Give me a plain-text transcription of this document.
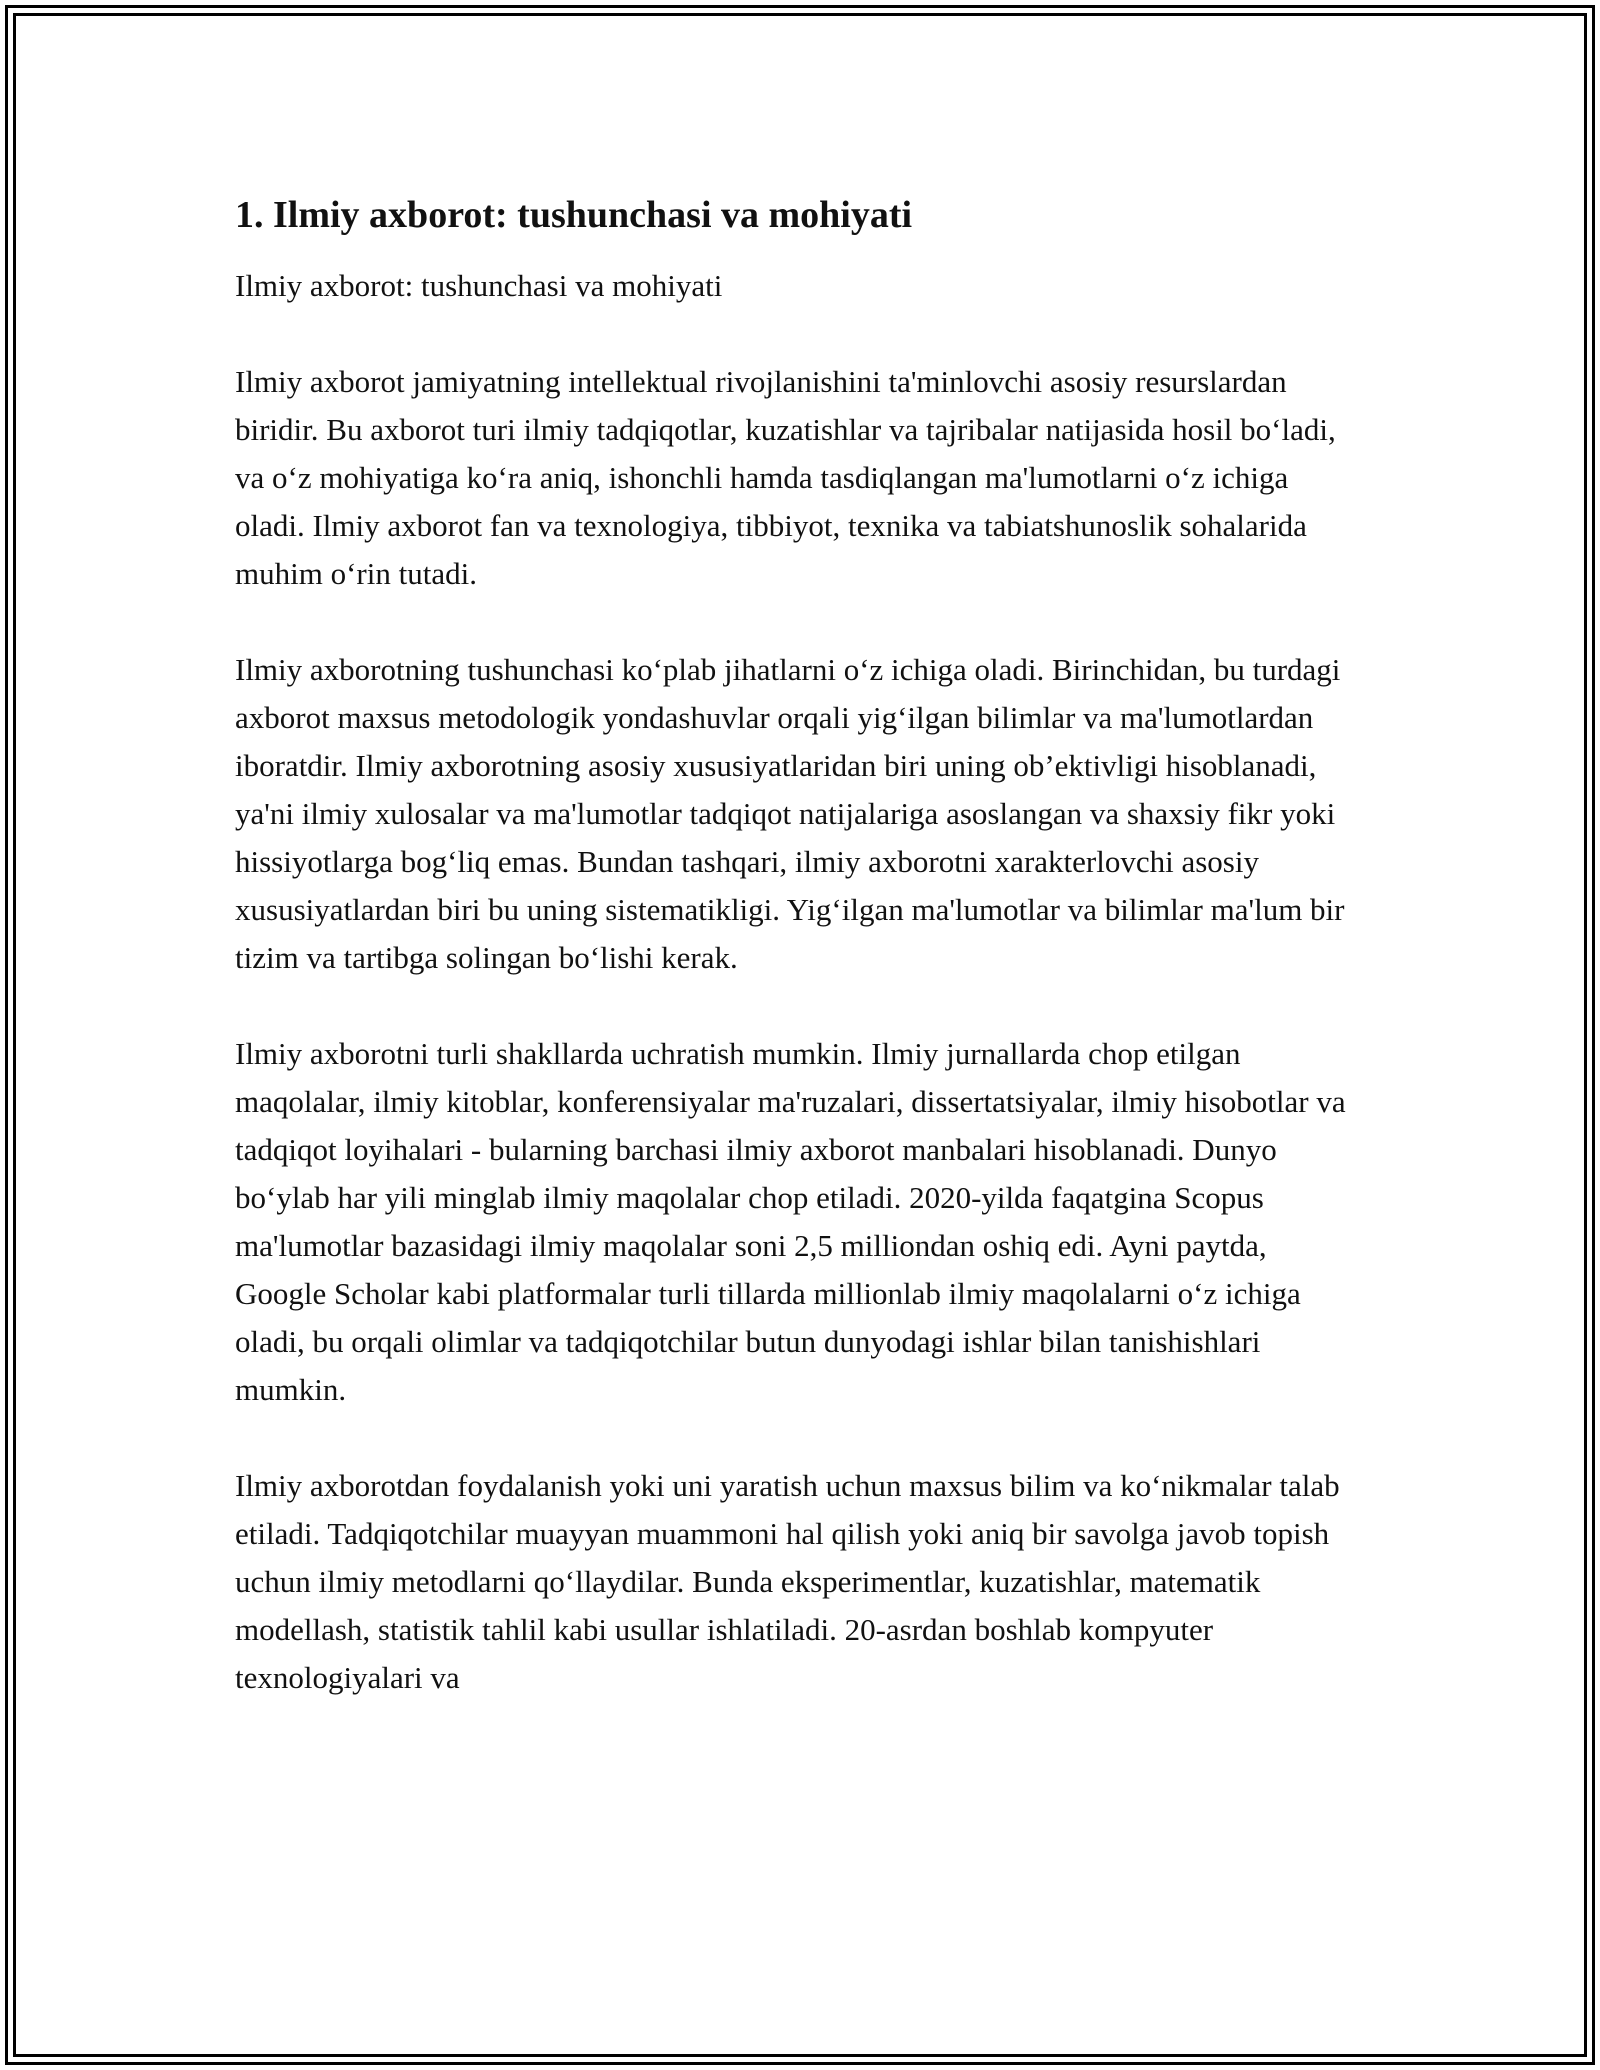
1. Ilmiy axborot: tushunchasi va mohiyati

Ilmiy axborot: tushunchasi va mohiyati

Ilmiy axborot jamiyatning intellektual rivojlanishini ta'minlovchi asosiy resurslardan biridir. Bu axborot turi ilmiy tadqiqotlar, kuzatishlar va tajribalar natijasida hosil bo‘ladi, va o‘z mohiyatiga ko‘ra aniq, ishonchli hamda tasdiqlangan ma'lumotlarni o‘z ichiga oladi. Ilmiy axborot fan va texnologiya, tibbiyot, texnika va tabiatshunoslik sohalarida muhim o‘rin tutadi.

Ilmiy axborotning tushunchasi ko‘plab jihatlarni o‘z ichiga oladi. Birinchidan, bu turdagi axborot maxsus metodologik yondashuvlar orqali yig‘ilgan bilimlar va ma'lumotlardan iboratdir. Ilmiy axborotning asosiy xususiyatlaridan biri uning ob’ektivligi hisoblanadi, ya'ni ilmiy xulosalar va ma'lumotlar tadqiqot natijalariga asoslangan va shaxsiy fikr yoki hissiyotlarga bog‘liq emas. Bundan tashqari, ilmiy axborotni xarakterlovchi asosiy xususiyatlardan biri bu uning sistematikligi. Yig‘ilgan ma'lumotlar va bilimlar ma'lum bir tizim va tartibga solingan bo‘lishi kerak.

Ilmiy axborotni turli shakllarda uchratish mumkin. Ilmiy jurnallarda chop etilgan maqolalar, ilmiy kitoblar, konferensiyalar ma'ruzalari, dissertatsiyalar, ilmiy hisobotlar va tadqiqot loyihalari - bularning barchasi ilmiy axborot manbalari hisoblanadi. Dunyo bo‘ylab har yili minglab ilmiy maqolalar chop etiladi. 2020-yilda faqatgina Scopus ma'lumotlar bazasidagi ilmiy maqolalar soni 2,5 milliondan oshiq edi. Ayni paytda, Google Scholar kabi platformalar turli tillarda millionlab ilmiy maqolalarni o‘z ichiga oladi, bu orqali olimlar va tadqiqotchilar butun dunyodagi ishlar bilan tanishishlari mumkin.

Ilmiy axborotdan foydalanish yoki uni yaratish uchun maxsus bilim va ko‘nikmalar talab etiladi. Tadqiqotchilar muayyan muammoni hal qilish yoki aniq bir savolga javob topish uchun ilmiy metodlarni qo‘llaydilar. Bunda eksperimentlar, kuzatishlar, matematik modellash, statistik tahlil kabi usullar ishlatiladi. 20-asrdan boshlab kompyuter texnologiyalari va
